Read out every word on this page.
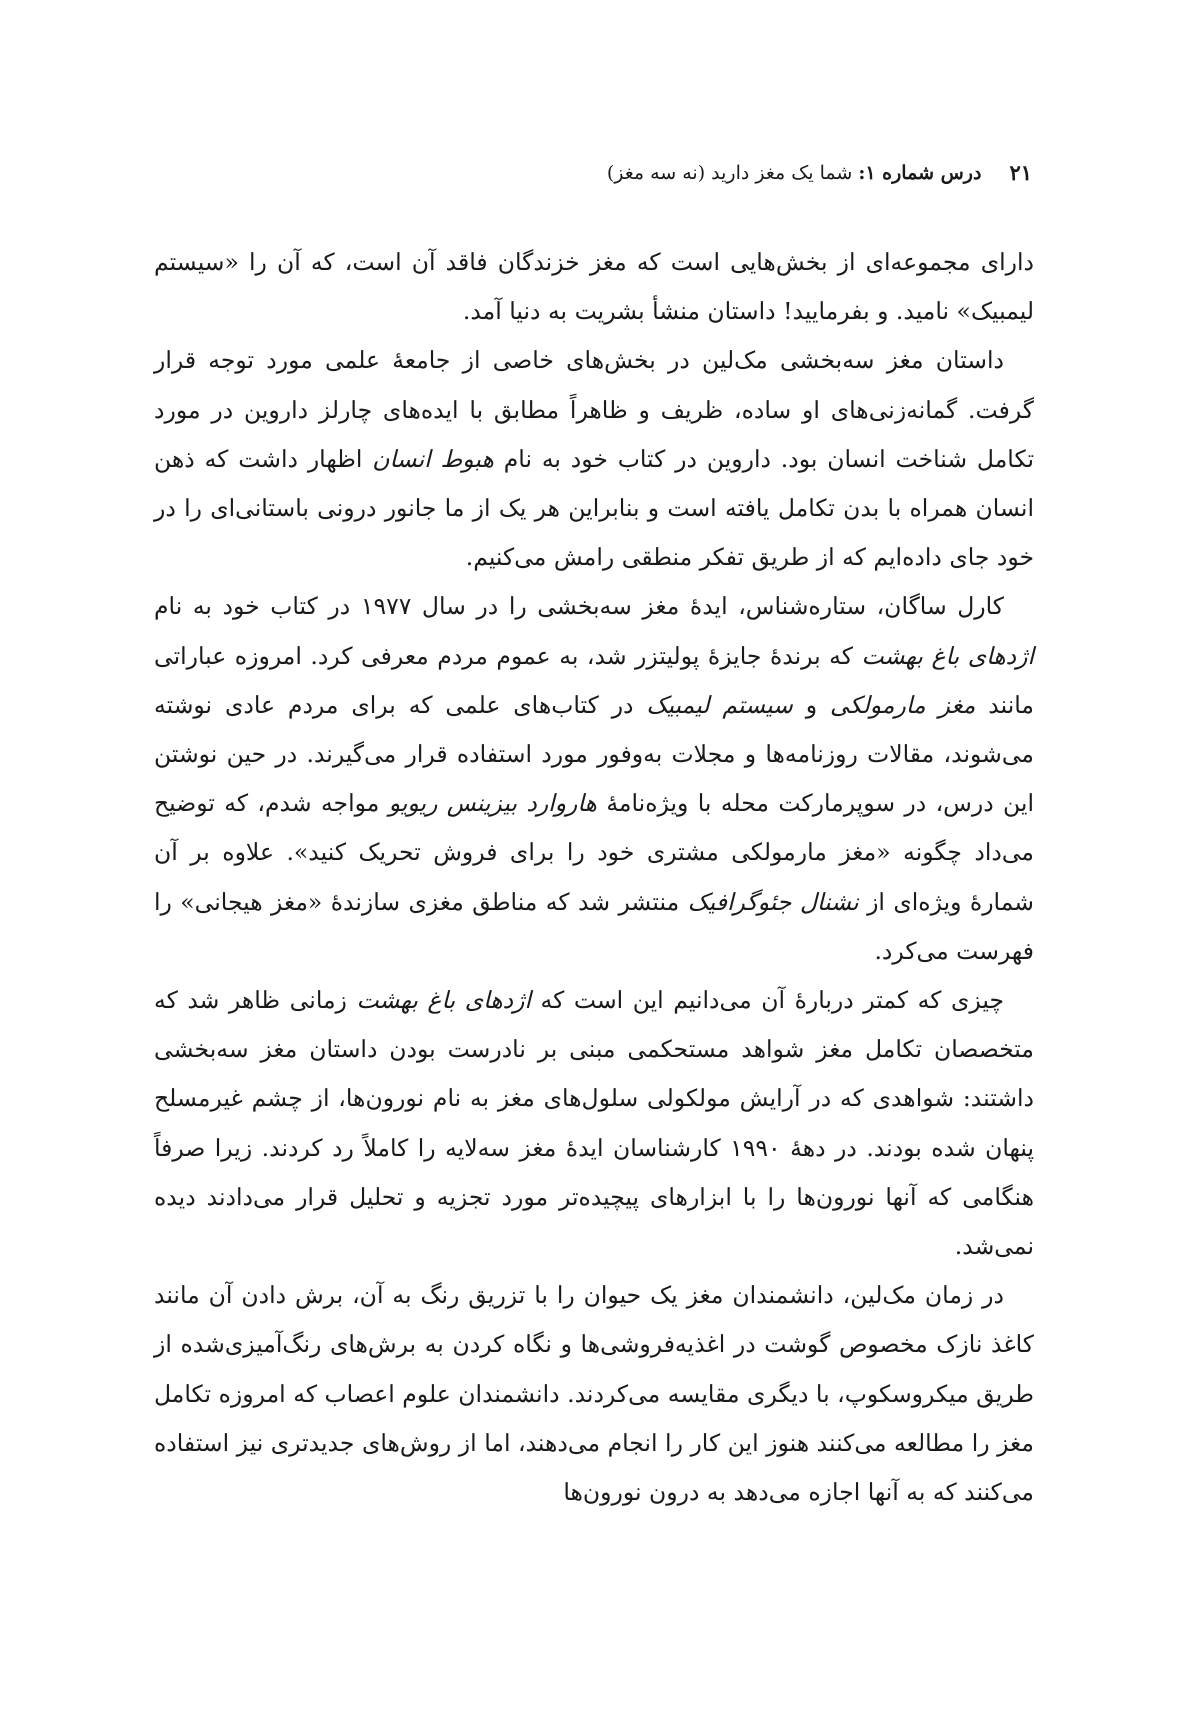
۲۱
درس شماره ۱: شما یک مغز دارید (نه سه مغز)

دارای مجموعه‌ای از بخش‌هایی است که مغز خزندگان فاقد آن است، که آن را «سیستم لیمبیک» نامید. و بفرمایید! داستان منشأ بشریت به دنیا آمد.

داستان مغز سه‌بخشی مک‌لین در بخش‌های خاصی از جامعهٔ علمی مورد توجه قرار گرفت. گمانه‌زنی‌های او ساده، ظریف و ظاهراً مطابق با ایده‌های چارلز داروین در مورد تکامل شناخت انسان بود. داروین در کتاب خود به نام هبوط انسان اظهار داشت که ذهن انسان همراه با بدن تکامل یافته است و بنابراین هر یک از ما جانور درونی باستانی‌ای را در خود جای داده‌ایم که از طریق تفکر منطقی رامش می‌کنیم.

کارل ساگان، ستاره‌شناس، ایدهٔ مغز سه‌بخشی را در سال ۱۹۷۷ در کتاب خود به نام اژدهای باغ بهشت که برندهٔ جایزهٔ پولیتزر شد، به عموم مردم معرفی کرد. امروزه عباراتی مانند مغز مارمولکی و سیستم لیمبیک در کتاب‌های علمی که برای مردم عادی نوشته می‌شوند، مقالات روزنامه‌ها و مجلات به‌وفور مورد استفاده قرار می‌گیرند. در حین نوشتن این درس، در سوپرمارکت محله با ویژه‌نامهٔ هاروارد بیزینس ریویو مواجه شدم، که توضیح می‌داد چگونه «مغز مارمولکی مشتری خود را برای فروش تحریک کنید». علاوه بر آن شمارهٔ ویژه‌ای از نشنال جئوگرافیک منتشر شد که مناطق مغزی سازندهٔ «مغز هیجانی» را فهرست می‌کرد.

چیزی که کمتر دربارهٔ آن می‌دانیم این است که اژدهای باغ بهشت زمانی ظاهر شد که متخصصان تکامل مغز شواهد مستحکمی مبنی بر نادرست بودن داستان مغز سه‌بخشی داشتند: شواهدی که در آرایش مولکولی سلول‌های مغز به نام نورون‌ها، از چشم غیرمسلح پنهان شده بودند. در دههٔ ۱۹۹۰ کارشناسان ایدهٔ مغز سه‌لایه را کاملاً رد کردند. زیرا صرفاً هنگامی که آنها نورون‌ها را با ابزارهای پیچیده‌تر مورد تجزیه و تحلیل قرار می‌دادند دیده نمی‌شد.

در زمان مک‌لین، دانشمندان مغز یک حیوان را با تزریق رنگ به آن، برش دادن آن مانند کاغذ نازک مخصوص گوشت در اغذیه‌فروشی‌ها و نگاه کردن به برش‌های رنگ‌آمیزی‌شده از طریق میکروسکوپ، با دیگری مقایسه می‌کردند. دانشمندان علوم اعصاب که امروزه تکامل مغز را مطالعه می‌کنند هنوز این کار را انجام می‌دهند، اما از روش‌های جدیدتری نیز استفاده می‌کنند که به آنها اجازه می‌دهد به درون نورون‌ها
